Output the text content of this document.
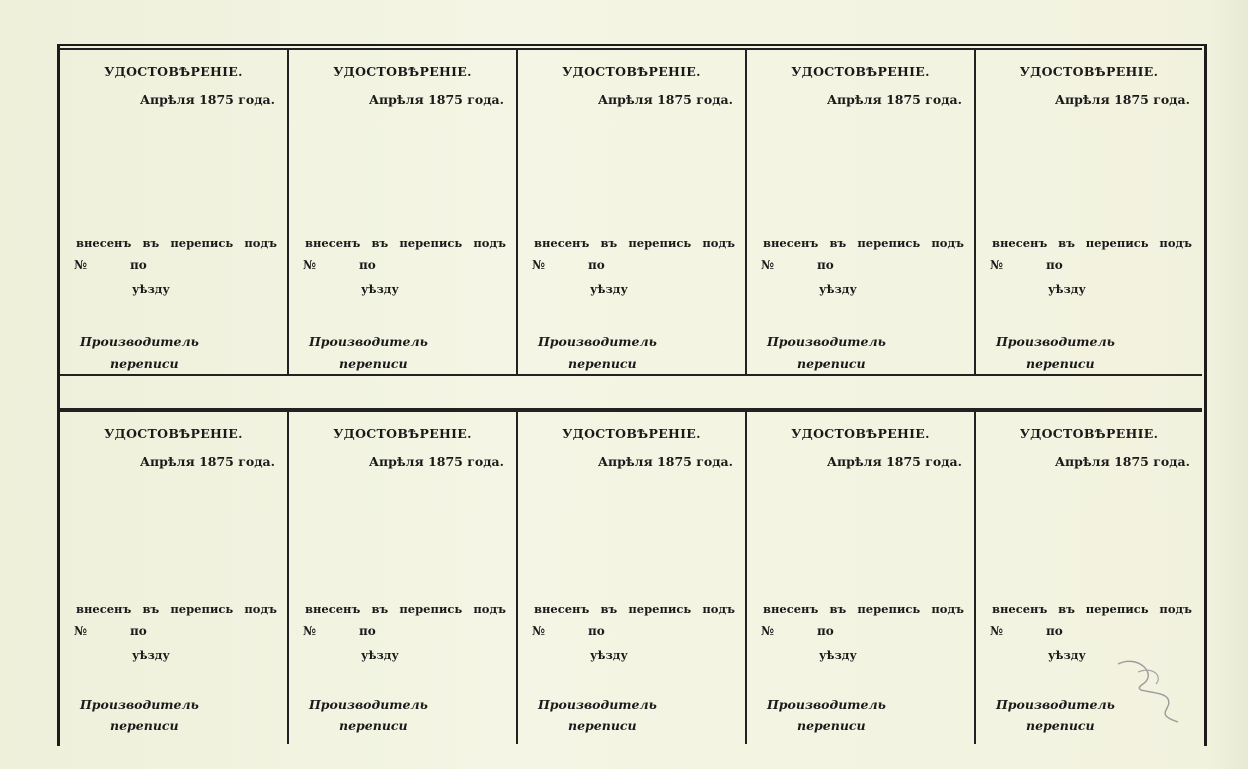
УДОСТОВѢРЕНІЕ.
Апрѣля 1875 года.
внесенъ въ перепись подъ
№	по
уѣзду
Производитель
переписи
УДОСТОВѢРЕНІЕ.
Апрѣля 1875 года.
внесенъ въ перепись подъ
№	по
уѣзду
Производитель
переписи
УДОСТОВѢРЕНІЕ.
Апрѣля 1875 года.
внесенъ въ перепись подъ
№	по
уѣзду
Производитель
переписи
УДОСТОВѢРЕНІЕ.
Апрѣля 1875 года.
внесенъ въ перепись подъ
№	по
уѣзду
Производитель
переписи
УДОСТОВѢРЕНІЕ.
Апрѣля 1875 года.
внесенъ въ перепись подъ
№	по
уѣзду
Производитель
переписи
УДОСТОВѢРЕНІЕ.
Апрѣля 1875 года.
внесенъ въ перепись подъ
№	по
уѣзду
Производитель
переписи
УДОСТОВѢРЕНІЕ.
Апрѣля 1875 года.
внесенъ въ перепись подъ
№	по
уѣзду
Производитель
переписи
УДОСТОВѢРЕНІЕ.
Апрѣля 1875 года.
внесенъ въ перепись подъ
№	по
уѣзду
Производитель
переписи
УДОСТОВѢРЕНІЕ.
Апрѣля 1875 года.
внесенъ въ перепись подъ
№	по
уѣзду
Производитель
переписи
УДОСТОВѢРЕНІЕ.
Апрѣля 1875 года.
внесенъ въ перепись подъ
№	по
уѣзду
Производитель
переписи
